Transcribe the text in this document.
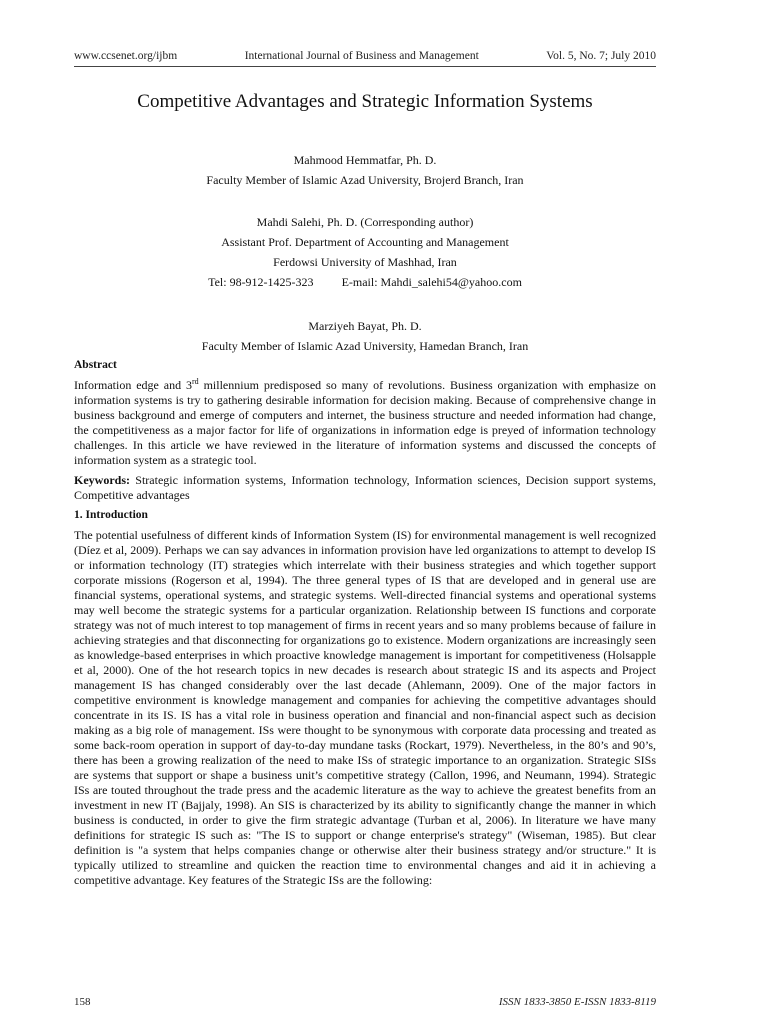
www.ccsenet.org/ijbm	International Journal of Business and Management	Vol. 5, No. 7; July 2010
Competitive Advantages and Strategic Information Systems
Mahmood Hemmatfar, Ph. D.
Faculty Member of Islamic Azad University, Brojerd Branch, Iran
Mahdi Salehi, Ph. D. (Corresponding author)
Assistant Prof. Department of Accounting and Management
Ferdowsi University of Mashhad, Iran
Tel: 98-912-1425-323 E-mail: Mahdi_salehi54@yahoo.com
Marziyeh Bayat, Ph. D.
Faculty Member of Islamic Azad University, Hamedan Branch, Iran
Abstract

Information edge and 3rd millennium predisposed so many of revolutions. Business organization with emphasize on information systems is try to gathering desirable information for decision making. Because of comprehensive change in business background and emerge of computers and internet, the business structure and needed information had change, the competitiveness as a major factor for life of organizations in information edge is preyed of information technology challenges. In this article we have reviewed in the literature of information systems and discussed the concepts of information system as a strategic tool.

Keywords: Strategic information systems, Information technology, Information sciences, Decision support systems, Competitive advantages

1. Introduction

The potential usefulness of different kinds of Information System (IS) for environmental management is well recognized (Díez et al, 2009). Perhaps we can say advances in information provision have led organizations to attempt to develop IS or information technology (IT) strategies which interrelate with their business strategies and which together support corporate missions (Rogerson et al, 1994). The three general types of IS that are developed and in general use are financial systems, operational systems, and strategic systems. Well-directed financial systems and operational systems may well become the strategic systems for a particular organization. Relationship between IS functions and corporate strategy was not of much interest to top management of firms in recent years and so many problems because of failure in achieving strategies and that disconnecting for organizations go to existence. Modern organizations are increasingly seen as knowledge-based enterprises in which proactive knowledge management is important for competitiveness (Holsapple et al, 2000). One of the hot research topics in new decades is research about strategic IS and its aspects and Project management IS has changed considerably over the last decade (Ahlemann, 2009). One of the major factors in competitive environment is knowledge management and companies for achieving the competitive advantages should concentrate in its IS. IS has a vital role in business operation and financial and non-financial aspect such as decision making as a big role of management. ISs were thought to be synonymous with corporate data processing and treated as some back-room operation in support of day-to-day mundane tasks (Rockart, 1979). Nevertheless, in the 80’s and 90’s, there has been a growing realization of the need to make ISs of strategic importance to an organization. Strategic SISs are systems that support or shape a business unit’s competitive strategy (Callon, 1996, and Neumann, 1994). Strategic ISs are touted throughout the trade press and the academic literature as the way to achieve the greatest benefits from an investment in new IT (Bajjaly, 1998). An SIS is characterized by its ability to significantly change the manner in which business is conducted, in order to give the firm strategic advantage (Turban et al, 2006). In literature we have many definitions for strategic IS such as: "The IS to support or change enterprise's strategy" (Wiseman, 1985). But clear definition is "a system that helps companies change or otherwise alter their business strategy and/or structure." It is typically utilized to streamline and quicken the reaction time to environmental changes and aid it in achieving a competitive advantage. Key features of the Strategic ISs are the following:

158	ISSN 1833-3850 E-ISSN 1833-8119
